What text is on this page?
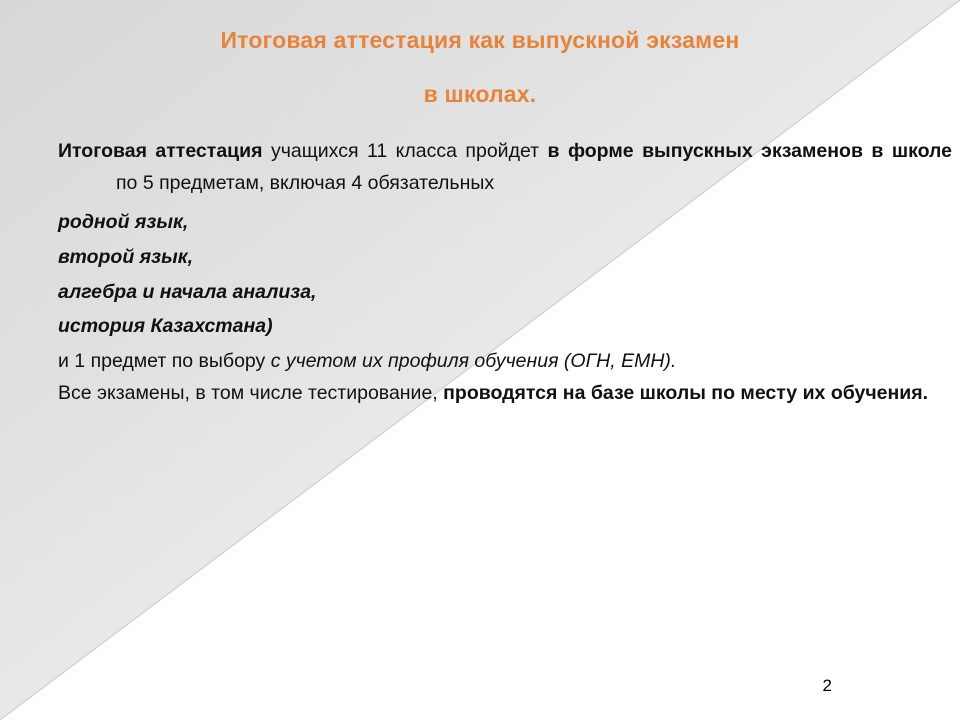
Итоговая аттестация как выпускной экзамен
в школах.

Итоговая аттестация учащихся 11 класса пройдет в форме выпускных экзаменов в школепо 5 предметам, включая 4 обязательных

родной язык,

второй язык,

алгебра и начала анализа,

история Казахстана)

и 1 предмет по выбору с учетом их профиля обучения (ОГН, ЕМН).

Все экзамены, в том числе тестирование, проводятся на базе школы по месту их обучения.

2
